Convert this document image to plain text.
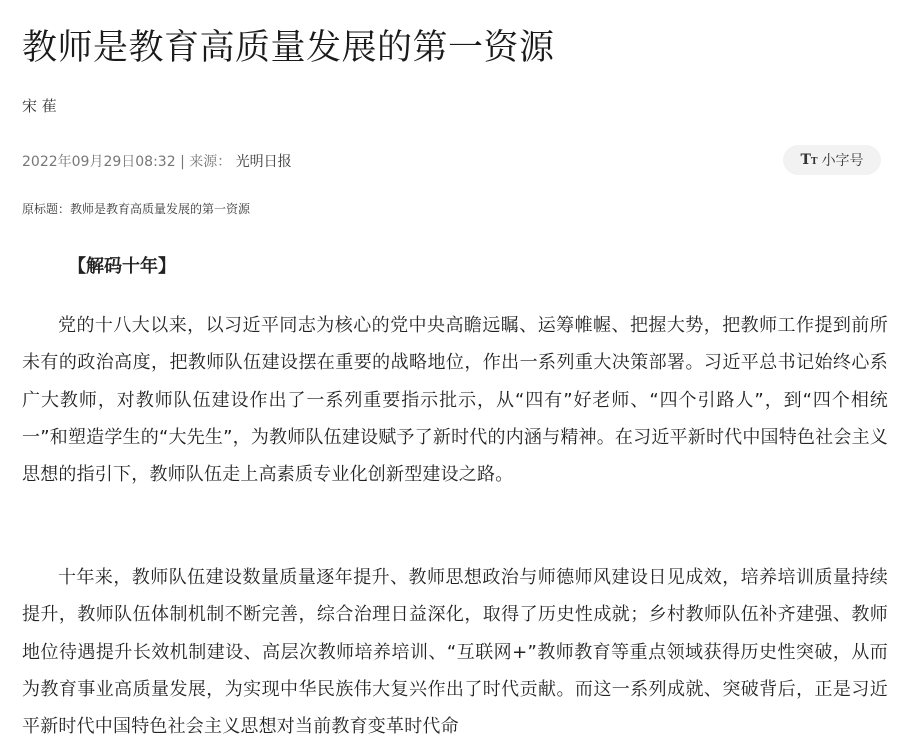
教师是教育高质量发展的第一资源
宋 萑
2022年09月29日08:32 | 来源： 光明日报	TT 小字号
原标题：教师是教育高质量发展的第一资源
【解码十年】

党的十八大以来，以习近平同志为核心的党中央高瞻远瞩、运筹帷幄、把握大势，把教师工作提到前所未有的政治高度，把教师队伍建设摆在重要的战略地位，作出一系列重大决策部署。习近平总书记始终心系广大教师，对教师队伍建设作出了一系列重要指示批示，从“四有”好老师、“四个引路人”，到“四个相统一”和塑造学生的“大先生”，为教师队伍建设赋予了新时代的内涵与精神。在习近平新时代中国特色社会主义思想的指引下，教师队伍走上高素质专业化创新型建设之路。

十年来，教师队伍建设数量质量逐年提升、教师思想政治与师德师风建设日见成效，培养培训质量持续提升，教师队伍体制机制不断完善，综合治理日益深化，取得了历史性成就；乡村教师队伍补齐建强、教师地位待遇提升长效机制建设、高层次教师培养培训、“互联网+”教师教育等重点领域获得历史性突破，从而为教育事业高质量发展，为实现中华民族伟大复兴作出了时代贡献。而这一系列成就、突破背后，正是习近平新时代中国特色社会主义思想对当前教育变革时代命
